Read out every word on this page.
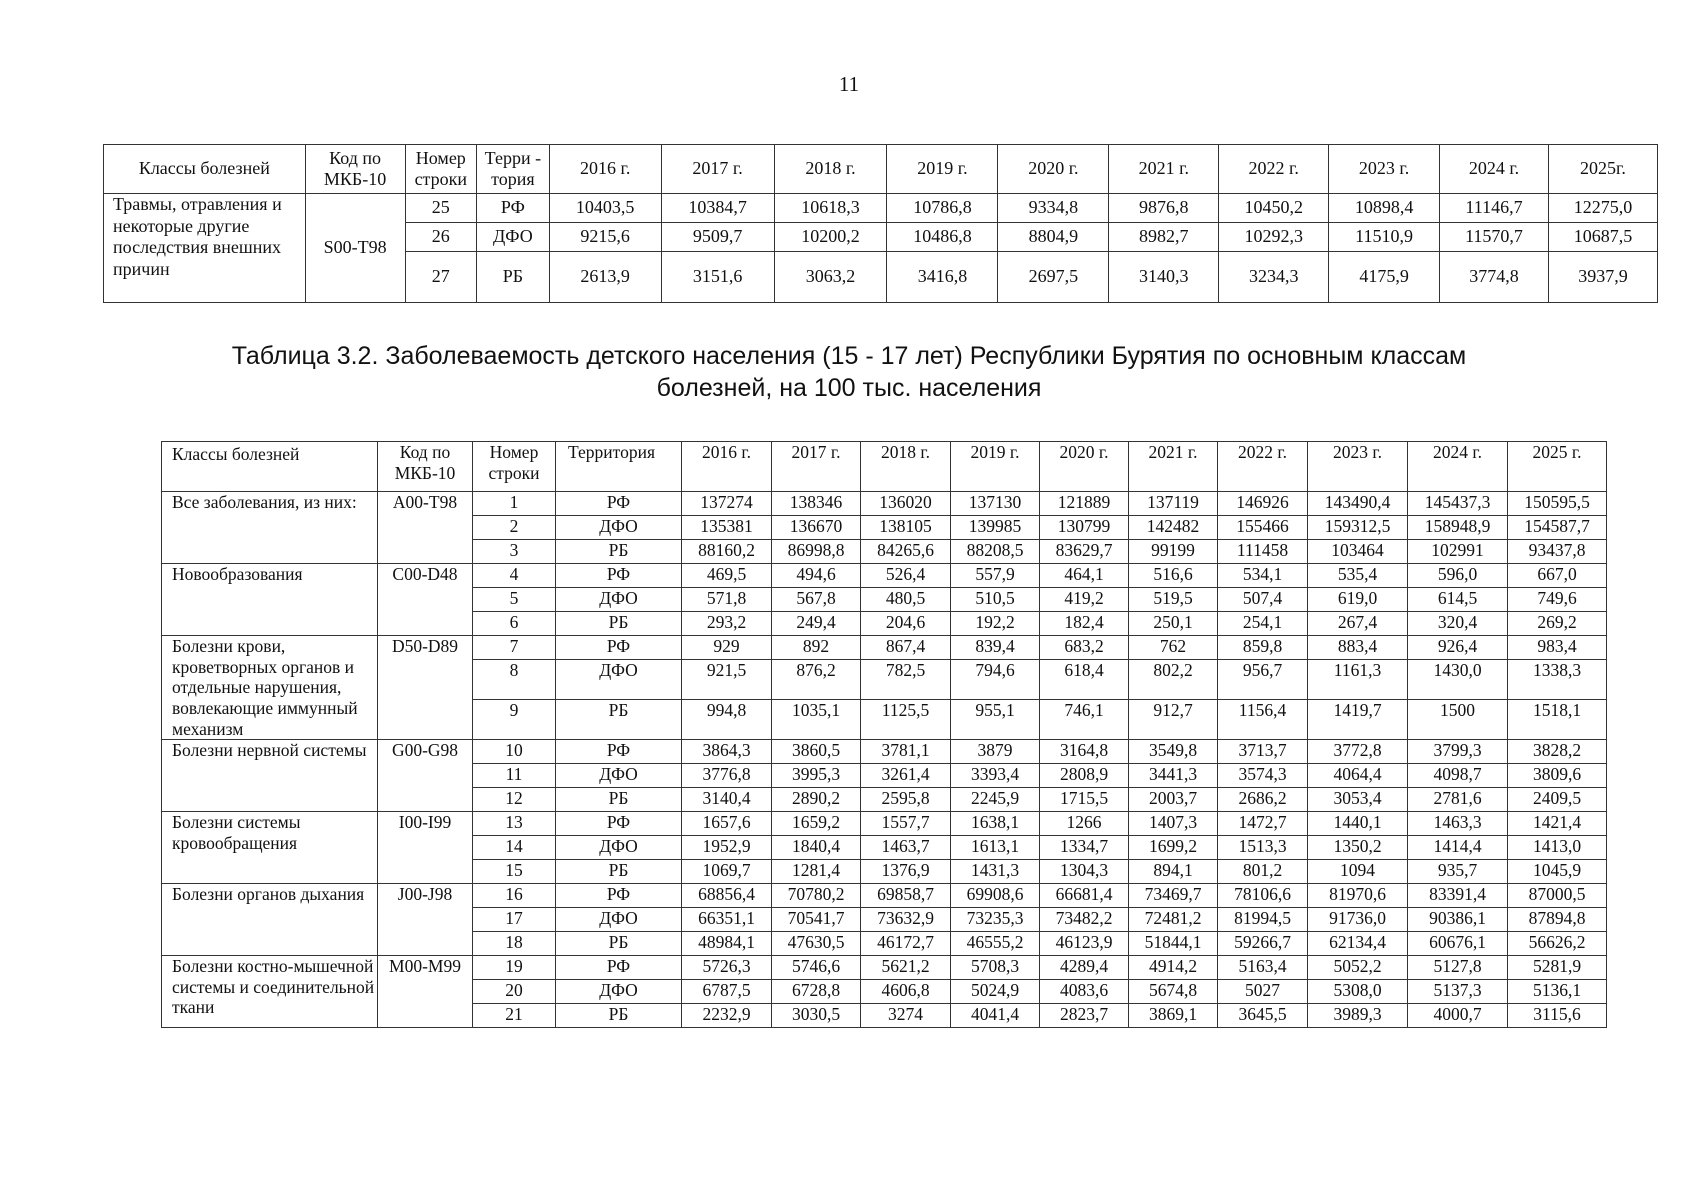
11
Классы болезней	Код по МКБ-10	Номер строки	Терри - тория	2016 г.	2017 г.	2018 г.	2019 г.	2020 г.	2021 г.	2022 г.	2023 г.	2024 г.	2025г.
Травмы, отравления и некоторые другие последствия внешних причин	S00-T98	25	РФ	10403,5	10384,7	10618,3	10786,8	9334,8	9876,8	10450,2	10898,4	11146,7	12275,0
		26	ДФО	9215,6	9509,7	10200,2	10486,8	8804,9	8982,7	10292,3	11510,9	11570,7	10687,5
		27	РБ	2613,9	3151,6	3063,2	3416,8	2697,5	3140,3	3234,3	4175,9	3774,8	3937,9
Таблица 3.2. Заболеваемость детского населения (15 - 17 лет) Республики Бурятия по основным классам
болезней, на 100 тыс. населения
Классы болезней	Код по МКБ-10	Номер строки	Территория	2016 г.	2017 г.	2018 г.	2019 г.	2020 г.	2021 г.	2022 г.	2023 г.	2024 г.	2025 г.
Все заболевания, из них:	A00-T98	1	РФ	137274	138346	136020	137130	121889	137119	146926	143490,4	145437,3	150595,5
		2	ДФО	135381	136670	138105	139985	130799	142482	155466	159312,5	158948,9	154587,7
		3	РБ	88160,2	86998,8	84265,6	88208,5	83629,7	99199	111458	103464	102991	93437,8
Новообразования	C00-D48	4	РФ	469,5	494,6	526,4	557,9	464,1	516,6	534,1	535,4	596,0	667,0
		5	ДФО	571,8	567,8	480,5	510,5	419,2	519,5	507,4	619,0	614,5	749,6
		6	РБ	293,2	249,4	204,6	192,2	182,4	250,1	254,1	267,4	320,4	269,2
Болезни крови, кроветворных органов и отдельные нарушения, вовлекающие иммунный механизм	D50-D89	7	РФ	929	892	867,4	839,4	683,2	762	859,8	883,4	926,4	983,4
		8	ДФО	921,5	876,2	782,5	794,6	618,4	802,2	956,7	1161,3	1430,0	1338,3
		9	РБ	994,8	1035,1	1125,5	955,1	746,1	912,7	1156,4	1419,7	1500	1518,1
Болезни нервной системы	G00-G98	10	РФ	3864,3	3860,5	3781,1	3879	3164,8	3549,8	3713,7	3772,8	3799,3	3828,2
		11	ДФО	3776,8	3995,3	3261,4	3393,4	2808,9	3441,3	3574,3	4064,4	4098,7	3809,6
		12	РБ	3140,4	2890,2	2595,8	2245,9	1715,5	2003,7	2686,2	3053,4	2781,6	2409,5
Болезни системы кровообращения	I00-I99	13	РФ	1657,6	1659,2	1557,7	1638,1	1266	1407,3	1472,7	1440,1	1463,3	1421,4
		14	ДФО	1952,9	1840,4	1463,7	1613,1	1334,7	1699,2	1513,3	1350,2	1414,4	1413,0
		15	РБ	1069,7	1281,4	1376,9	1431,3	1304,3	894,1	801,2	1094	935,7	1045,9
Болезни органов дыхания	J00-J98	16	РФ	68856,4	70780,2	69858,7	69908,6	66681,4	73469,7	78106,6	81970,6	83391,4	87000,5
		17	ДФО	66351,1	70541,7	73632,9	73235,3	73482,2	72481,2	81994,5	91736,0	90386,1	87894,8
		18	РБ	48984,1	47630,5	46172,7	46555,2	46123,9	51844,1	59266,7	62134,4	60676,1	56626,2
Болезни костно-мышечной системы и соединительной ткани	M00-M99	19	РФ	5726,3	5746,6	5621,2	5708,3	4289,4	4914,2	5163,4	5052,2	5127,8	5281,9
		20	ДФО	6787,5	6728,8	4606,8	5024,9	4083,6	5674,8	5027	5308,0	5137,3	5136,1
		21	РБ	2232,9	3030,5	3274	4041,4	2823,7	3869,1	3645,5	3989,3	4000,7	3115,6
